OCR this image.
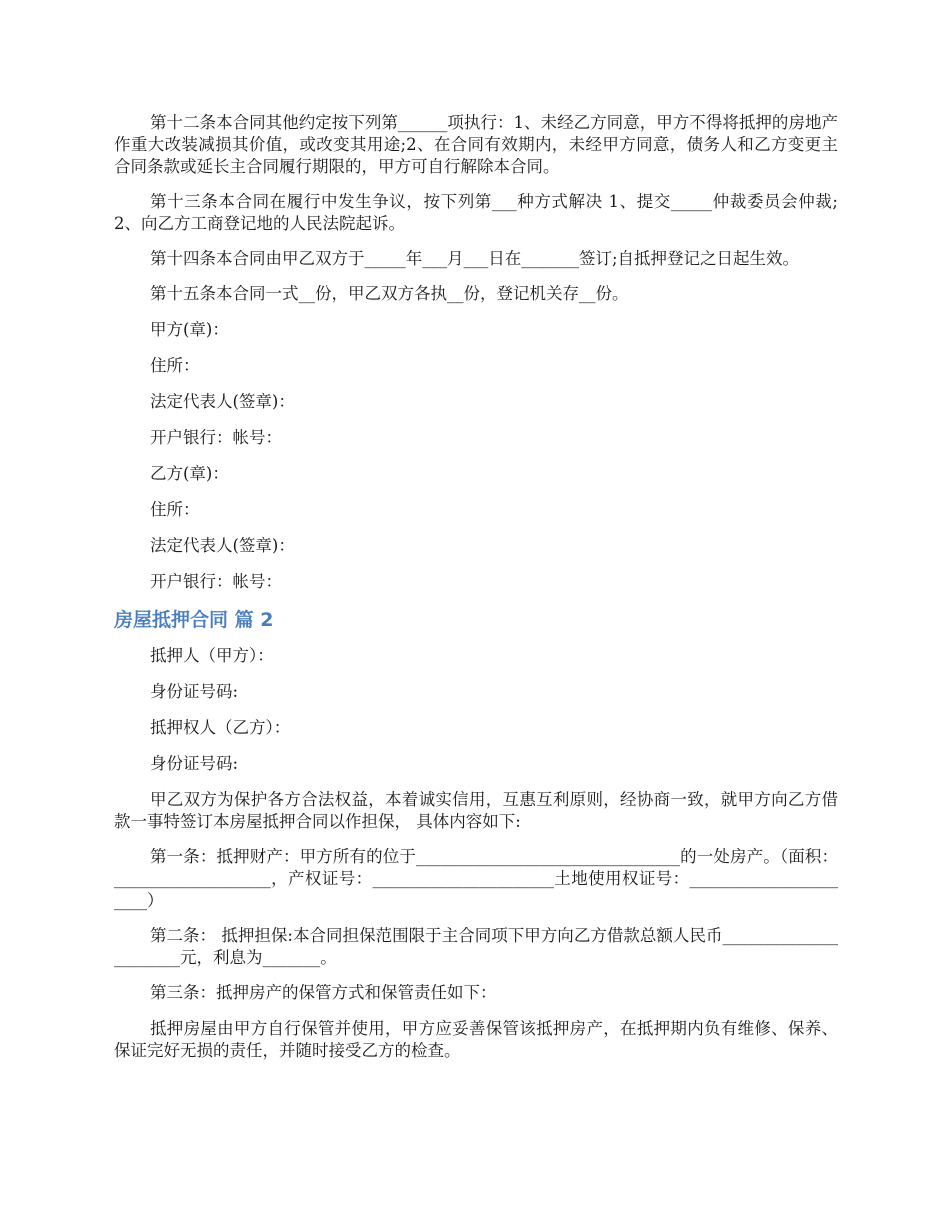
第十二条本合同其他约定按下列第______项执行：1、未经乙方同意，甲方不得将抵押的房地产作重大改装减损其价值，或改变其用途;2、在合同有效期内，未经甲方同意，债务人和乙方变更主合同条款或延长主合同履行期限的，甲方可自行解除本合同。

第十三条本合同在履行中发生争议，按下列第___种方式解决 1、提交_____仲裁委员会仲裁;2、向乙方工商登记地的人民法院起诉。

第十四条本合同由甲乙双方于_____年___月___日在_______签订;自抵押登记之日起生效。

第十五条本合同一式__份，甲乙双方各执__份，登记机关存__份。

甲方(章)：

住所：

法定代表人(签章)：

开户银行：帐号：

乙方(章)：

住所：

法定代表人(签章)：

开户银行：帐号：

房屋抵押合同 篇 2

抵押人（甲方）：

身份证号码:

抵押权人（乙方）：

身份证号码:

甲乙双方为保护各方合法权益，本着诚实信用，互惠互利原则，经协商一致，就甲方向乙方借款一事特签订本房屋抵押合同以作担保， 具体内容如下:

第一条：抵押财产：甲方所有的位于________________________________的一处房产。（面积：___________________，产权证号：______________________土地使用权证号：______________________）

第二条： 抵押担保:本合同担保范围限于主合同项下甲方向乙方借款总额人民币______________________元，利息为_______。

第三条：抵押房产的保管方式和保管责任如下：

抵押房屋由甲方自行保管并使用，甲方应妥善保管该抵押房产，在抵押期内负有维修、保养、保证完好无损的责任，并随时接受乙方的检查。
